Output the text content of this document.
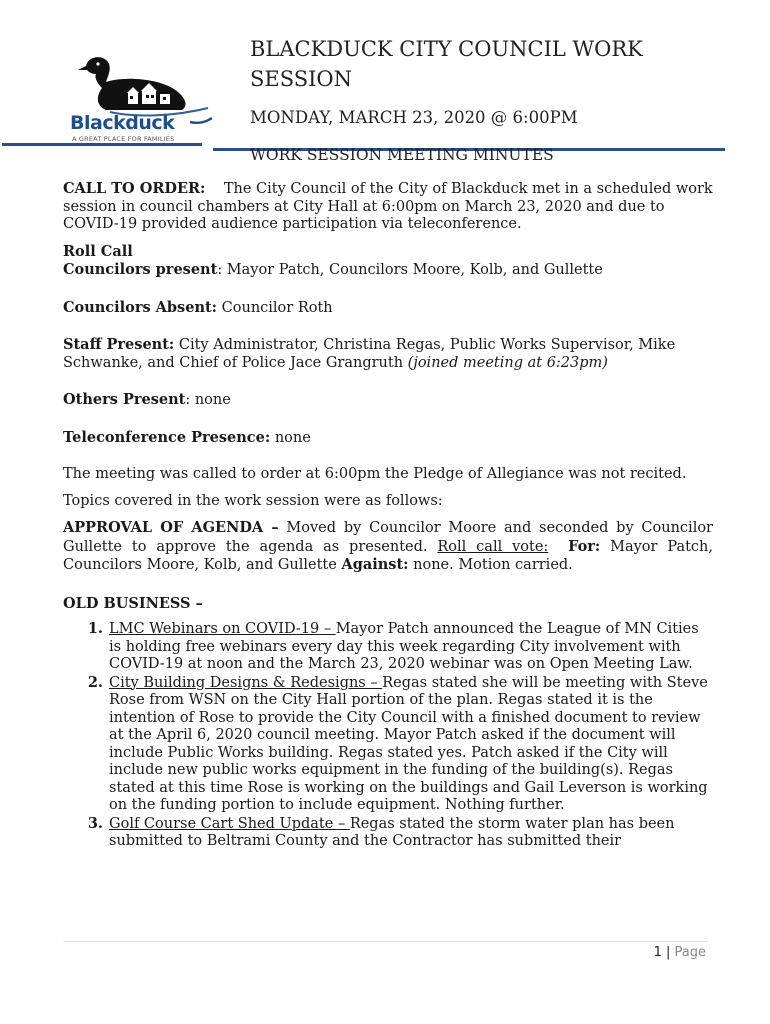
Blackduck
A GREAT PLACE FOR FAMILIES
BLACKDUCK CITY COUNCIL WORK SESSION
MONDAY, MARCH 23, 2020 @ 6:00PM
WORK SESSION MEETING MINUTES

CALL TO ORDER: The City Council of the City of Blackduck met in a scheduled work session in council chambers at City Hall at 6:00pm on March 23, 2020 and due to COVID-19 provided audience participation via teleconference.

Roll Call

Councilors present: Mayor Patch, Councilors Moore, Kolb, and Gullette

Councilors Absent: Councilor Roth

Staff Present: City Administrator, Christina Regas, Public Works Supervisor, Mike Schwanke, and Chief of Police Jace Grangruth (joined meeting at 6:23pm)

Others Present: none

Teleconference Presence: none

The meeting was called to order at 6:00pm the Pledge of Allegiance was not recited.

Topics covered in the work session were as follows:

APPROVAL OF AGENDA – Moved by Councilor Moore and seconded by Councilor Gullette to approve the agenda as presented. Roll call vote: For: Mayor Patch, Councilors Moore, Kolb, and Gullette Against: none. Motion carried.

OLD BUSINESS –

1. LMC Webinars on COVID-19 – Mayor Patch announced the League of MN Cities is holding free webinars every day this week regarding City involvement with COVID-19 at noon and the March 23, 2020 webinar was on Open Meeting Law.
2. City Building Designs & Redesigns – Regas stated she will be meeting with Steve Rose from WSN on the City Hall portion of the plan. Regas stated it is the intention of Rose to provide the City Council with a finished document to review at the April 6, 2020 council meeting. Mayor Patch asked if the document will include Public Works building. Regas stated yes. Patch asked if the City will include new public works equipment in the funding of the building(s). Regas stated at this time Rose is working on the buildings and Gail Leverson is working on the funding portion to include equipment. Nothing further.
3. Golf Course Cart Shed Update – Regas stated the storm water plan has been submitted to Beltrami County and the Contractor has submitted their
1 | Page
